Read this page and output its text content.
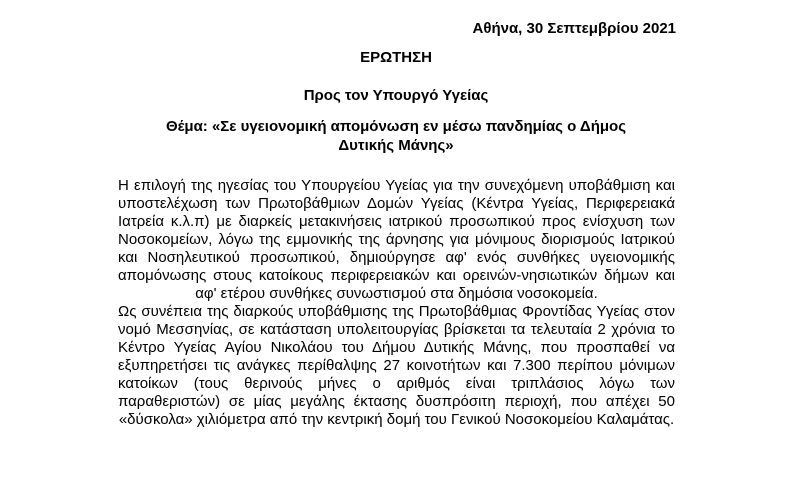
Αθήνα, 30 Σεπτεμβρίου 2021
ΕΡΩΤΗΣΗ
Προς τον Υπουργό Υγείας
Θέμα: «Σε υγειονομική απομόνωση εν μέσω πανδημίας ο Δήμος
Δυτικής Μάνης»

Η επιλογή της ηγεσίας του Υπουργείου Υγείας για την συνεχόμενη υποβάθμιση και υποστελέχωση των Πρωτοβάθμιων Δομών Υγείας (Κέντρα Υγείας, Περιφερειακά Ιατρεία κ.λ.π) με διαρκείς μετακινήσεις ιατρικού προσωπικού προς ενίσχυση των Νοσοκομείων, λόγω της εμμονικής της άρνησης για μόνιμους διορισμούς Ιατρικού και Νοσηλευτικού προσωπικού, δημιούργησε αφ' ενός συνθήκες υγειονομικής απομόνωσης στους κατοίκους περιφερειακών και ορεινών-νησιωτικών δήμων και αφ' ετέρου συνθήκες συνωστισμού στα δημόσια νοσοκομεία.

Ως συνέπεια της διαρκούς υποβάθμισης της Πρωτοβάθμιας Φροντίδας Υγείας στον νομό Μεσσηνίας, σε κατάσταση υπολειτουργίας βρίσκεται τα τελευταία 2 χρόνια το Κέντρο Υγείας Αγίου Νικολάου του Δήμου Δυτικής Μάνης, που προσπαθεί να εξυπηρετήσει τις ανάγκες περίθαλψης 27 κοινοτήτων και 7.300 περίπου μόνιμων κατοίκων (τους θερινούς μήνες ο αριθμός είναι τριπλάσιος λόγω των παραθεριστών) σε μίας μεγάλης έκτασης δυσπρόσιτη περιοχή, που απέχει 50 «δύσκολα» χιλιόμετρα από την κεντρική δομή του Γενικού Νοσοκομείου Καλαμάτας.
